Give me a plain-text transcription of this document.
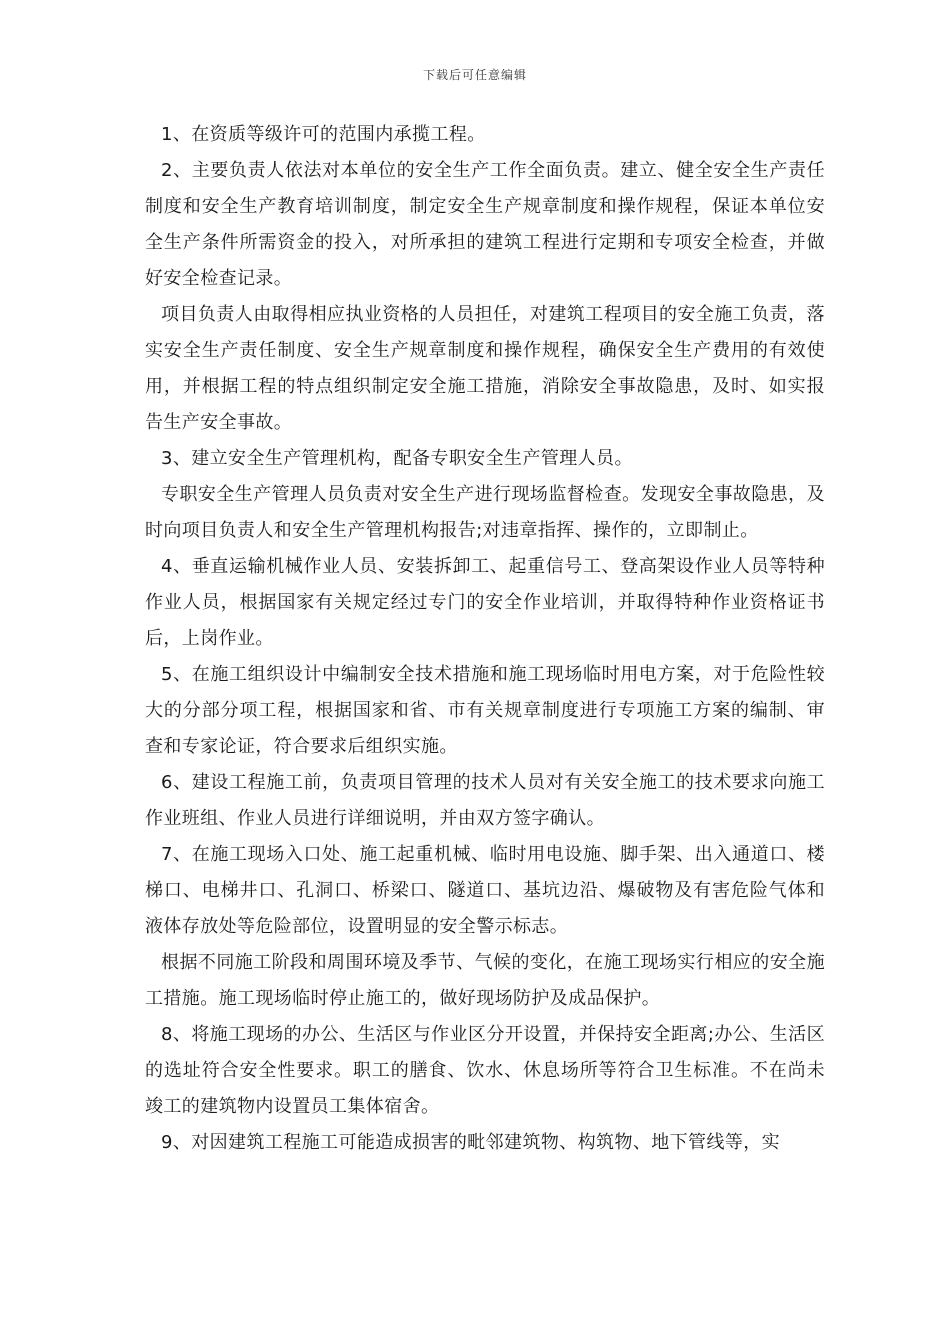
下载后可任意编辑

1、在资质等级许可的范围内承揽工程。

2、主要负责人依法对本单位的安全生产工作全面负责。建立、健全安全生产责任制度和安全生产教育培训制度，制定安全生产规章制度和操作规程，保证本单位安全生产条件所需资金的投入，对所承担的建筑工程进行定期和专项安全检查，并做好安全检查记录。

项目负责人由取得相应执业资格的人员担任，对建筑工程项目的安全施工负责，落实安全生产责任制度、安全生产规章制度和操作规程，确保安全生产费用的有效使用，并根据工程的特点组织制定安全施工措施，消除安全事故隐患，及时、如实报告生产安全事故。

3、建立安全生产管理机构，配备专职安全生产管理人员。

专职安全生产管理人员负责对安全生产进行现场监督检查。发现安全事故隐患，及时向项目负责人和安全生产管理机构报告;对违章指挥、操作的，立即制止。

4、垂直运输机械作业人员、安装拆卸工、起重信号工、登高架设作业人员等特种作业人员，根据国家有关规定经过专门的安全作业培训，并取得特种作业资格证书后，上岗作业。

5、在施工组织设计中编制安全技术措施和施工现场临时用电方案，对于危险性较大的分部分项工程，根据国家和省、市有关规章制度进行专项施工方案的编制、审查和专家论证，符合要求后组织实施。

6、建设工程施工前，负责项目管理的技术人员对有关安全施工的技术要求向施工作业班组、作业人员进行详细说明，并由双方签字确认。

7、在施工现场入口处、施工起重机械、临时用电设施、脚手架、出入通道口、楼梯口、电梯井口、孔洞口、桥梁口、隧道口、基坑边沿、爆破物及有害危险气体和液体存放处等危险部位，设置明显的安全警示标志。

根据不同施工阶段和周围环境及季节、气候的变化，在施工现场实行相应的安全施工措施。施工现场临时停止施工的，做好现场防护及成品保护。

8、将施工现场的办公、生活区与作业区分开设置，并保持安全距离;办公、生活区的选址符合安全性要求。职工的膳食、饮水、休息场所等符合卫生标准。不在尚未竣工的建筑物内设置员工集体宿舍。

9、对因建筑工程施工可能造成损害的毗邻建筑物、构筑物、地下管线等，实
